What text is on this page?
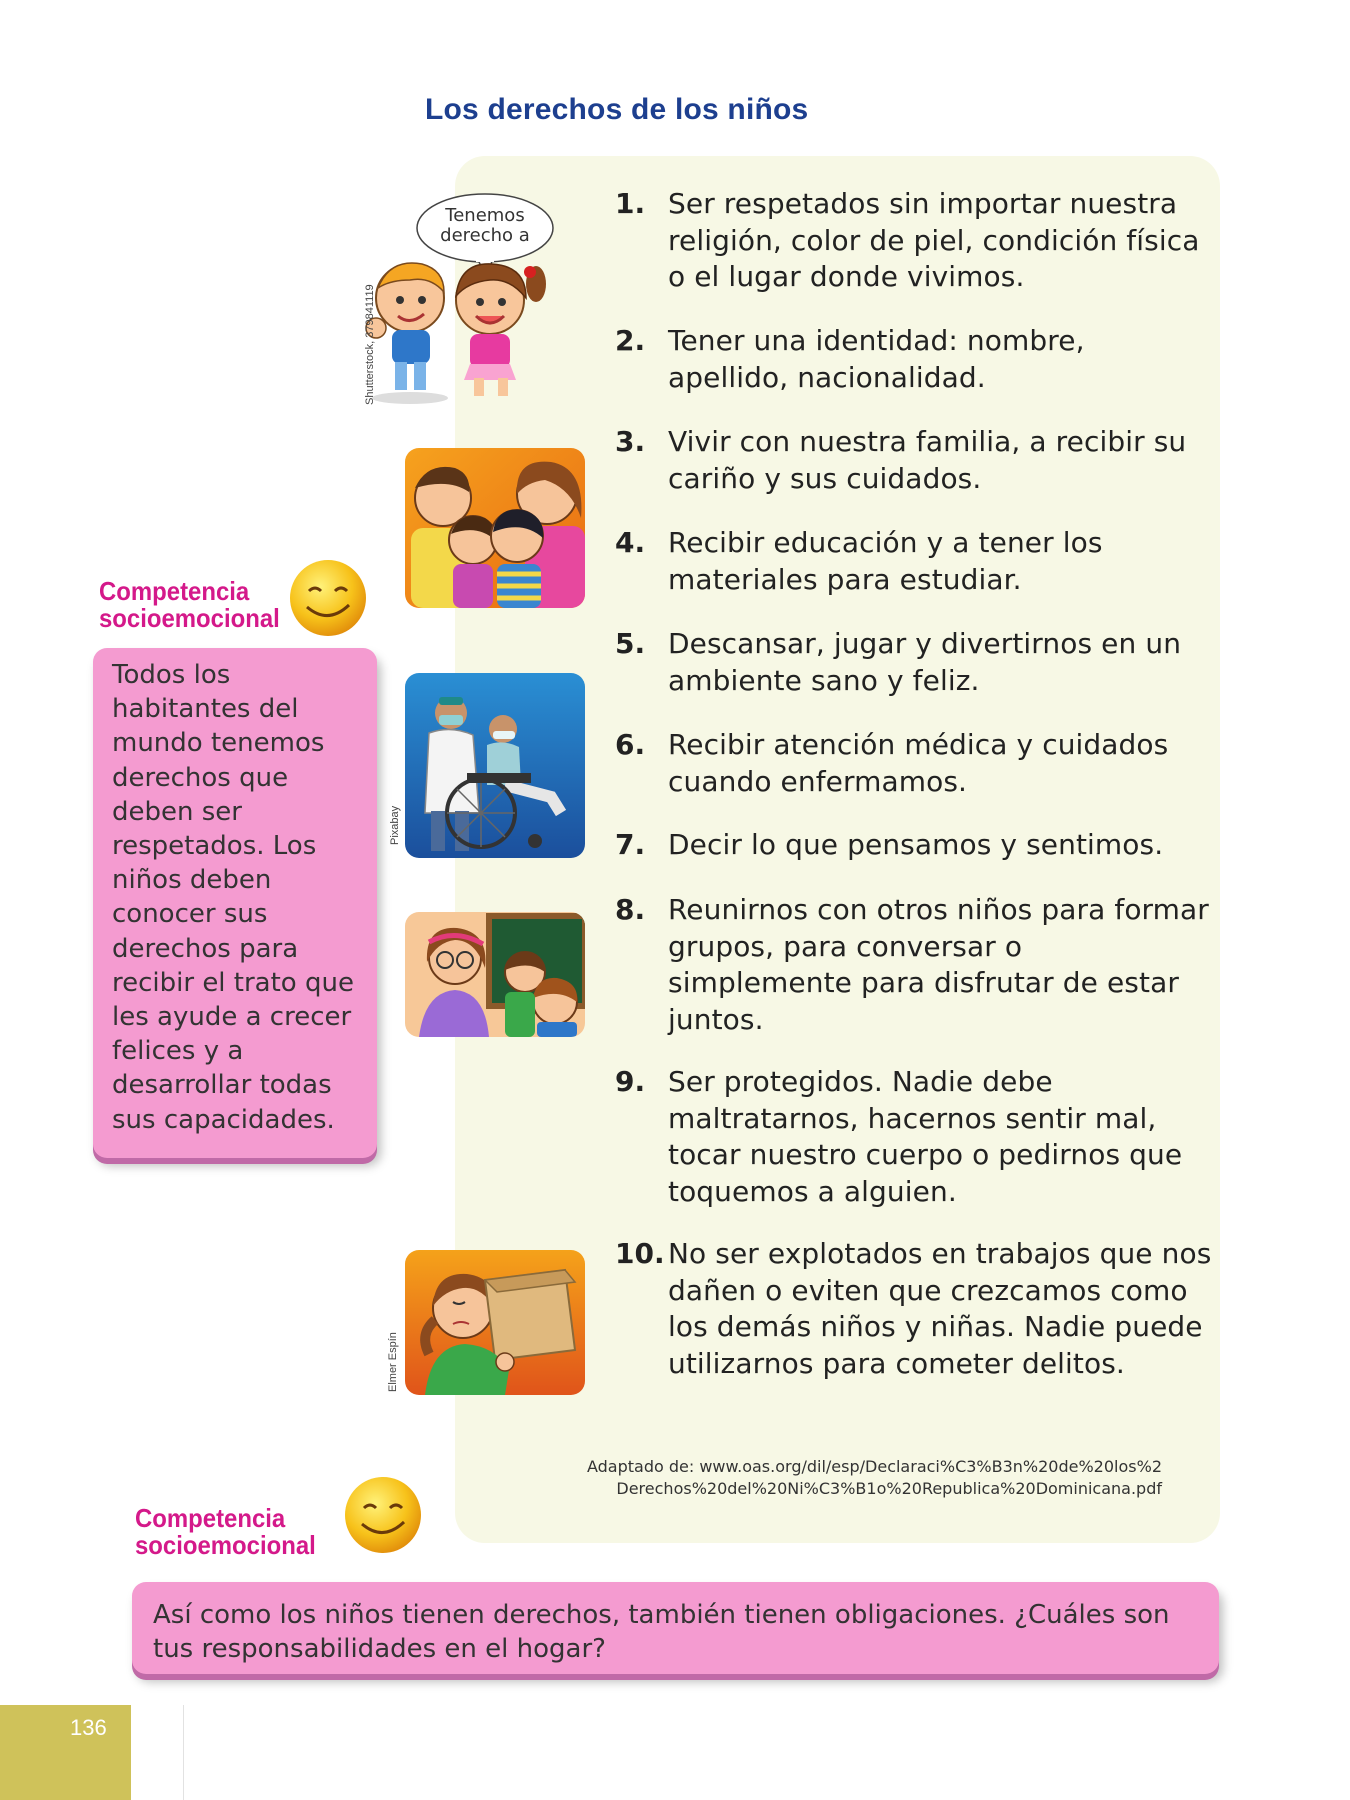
Los derechos de los niños
Tenemos derecho a
Shutterstock, 379841119
Pixabay
Elmer Espín
1. Ser respetados sin importar nuestra religión, color de piel, condición física o el lugar donde vivimos.
2. Tener una identidad: nombre, apellido, nacionalidad.
3. Vivir con nuestra familia, a recibir su cariño y sus cuidados.
4. Recibir educación y a tener los materiales para estudiar.
5. Descansar, jugar y divertirnos en un ambiente sano y feliz.
6. Recibir atención médica y cuidados cuando enfermamos.
7. Decir lo que pensamos y sentimos.
8. Reunirnos con otros niños para formar grupos, para conversar o simplemente para disfrutar de estar juntos.
9. Ser protegidos. Nadie debe maltratarnos, hacernos sentir mal, tocar nuestro cuerpo o pedirnos que toquemos a alguien.
10. No ser explotados en trabajos que nos dañen o eviten que crezcamos como los demás niños y niñas. Nadie puede utilizarnos para cometer delitos.
Adaptado de: www.oas.org/dil/esp/Declaraci%C3%B3n%20de%20los%2
Derechos%20del%20Ni%C3%B1o%20Republica%20Dominicana.pdf
Competencia
socioemocional
Todos los habitantes del mundo tenemos derechos que deben ser respetados. Los niños deben conocer sus derechos para recibir el trato que les ayude a crecer felices y a desarrollar todas sus capacidades.
Competencia
socioemocional
Así como los niños tienen derechos, también tienen obligaciones. ¿Cuáles son tus responsabilidades en el hogar?
136
